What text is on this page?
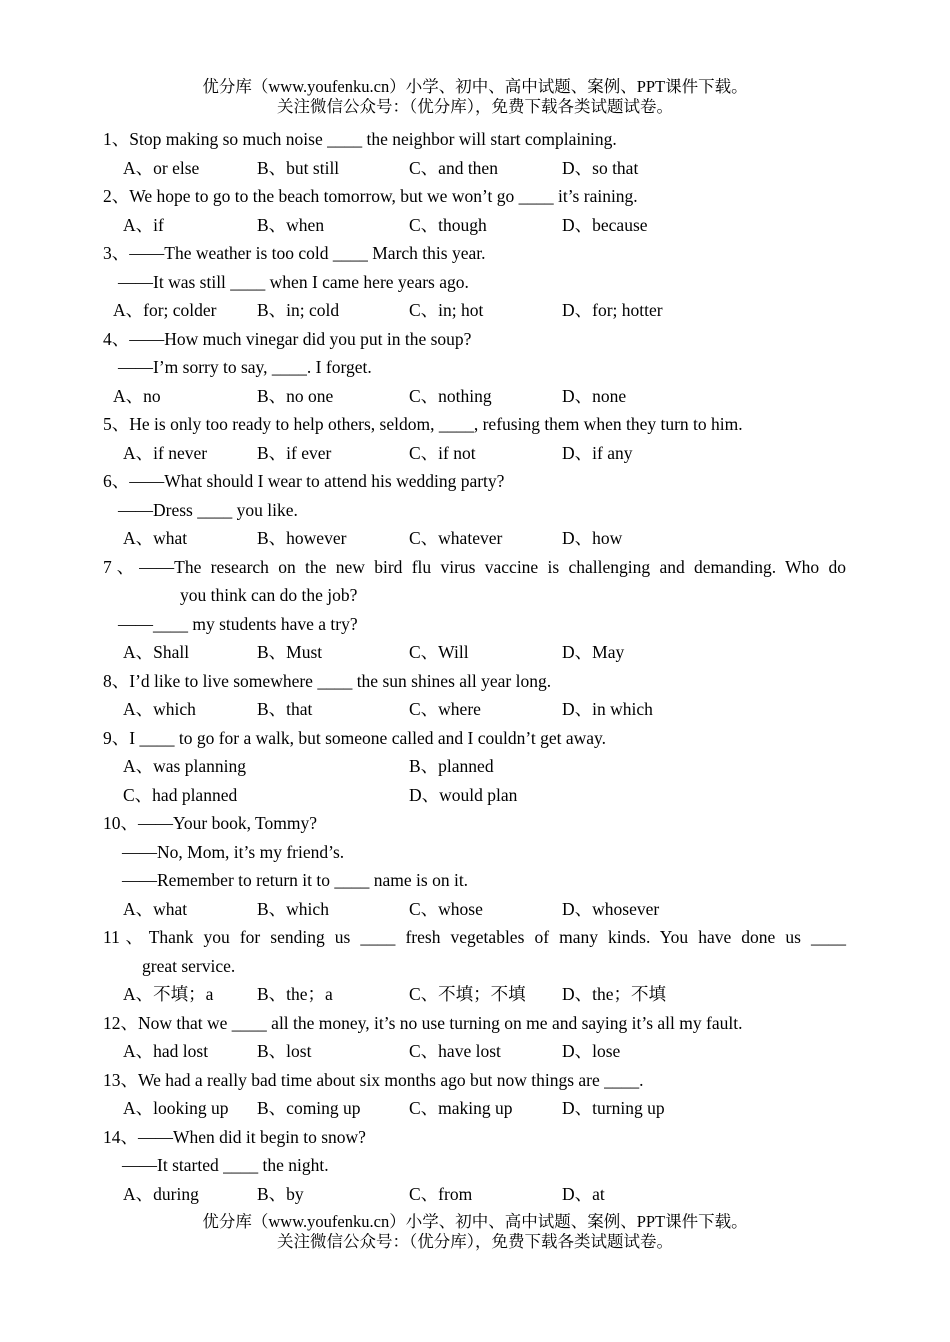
优分库（www.youfenku.cn）小学、初中、高中试题、案例、PPT课件下载。
关注微信公众号：（优分库），免费下载各类试题试卷。
1、Stop making so much noise ____ the neighbor will start complaining.
A、or else	B、but still	C、and then	D、so that
2、We hope to go to the beach tomorrow, but we won’t go ____ it’s raining.
A、if	B、when	C、though	D、because
3、——The weather is too cold ____ March this year.
——It was still ____ when I came here years ago.
A、for; colder B、in; cold	C、in; hot	D、for; hotter
4、——How much vinegar did you put in the soup?
——I’m sorry to say, ____. I forget.
A、no	B、no one	C、nothing	D、none
5、He is only too ready to help others, seldom, ____, refusing them when they turn to him.
A、if never	B、if ever	C、if not	D、if any
6、——What should I wear to attend his wedding party?
——Dress ____ you like.
A、what	B、however	C、whatever	D、how
7、——The research on the new bird flu virus vaccine is challenging and demanding. Who do
you think can do the job?
——____ my students have a try?
A、Shall	B、Must	C、Will	D、May
8、I’d like to live somewhere ____ the sun shines all year long.
A、which	B、that	C、where	D、in which
9、I ____ to go for a walk, but someone called and I couldn’t get away.
A、was planning	B、planned
C、had planned	D、would plan
10、——Your book, Tommy?
——No, Mom, it’s my friend’s.
——Remember to return it to ____ name is on it.
A、what	B、which	C、whose	D、whosever
11、Thank you for sending us ____ fresh vegetables of many kinds. You have done us ____
great service.
A、不填；a B、the；a	C、不填；不填 D、the；不填
12、Now that we ____ all the money, it’s no use turning on me and saying it’s all my fault.
A、had lost	B、lost	C、have lost	D、lose
13、We had a really bad time about six months ago but now things are ____.
A、looking up B、coming up	C、making up	D、turning up
14、——When did it begin to snow?
——It started ____ the night.
A、during	B、by	C、from	D、at
优分库（www.youfenku.cn）小学、初中、高中试题、案例、PPT课件下载。
关注微信公众号：（优分库），免费下载各类试题试卷。
